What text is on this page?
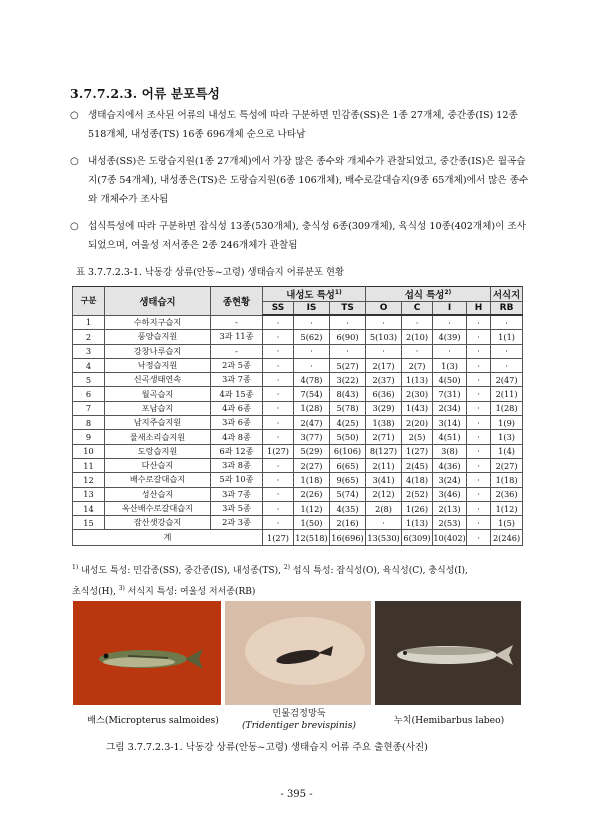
3.7.7.2.3. 어류 분포특성
○ 생태습지에서 조사된 어류의 내성도 특성에 따라 구분하면 민감종(SS)은 1종 27개체, 중간종(IS) 12종 518개체, 내성종(TS) 16종 696개체 순으로 나타남
○ 내성종(SS)은 도랑습지원(1종 27개체)에서 가장 많은 종수와 개체수가 관찰되었고, 중간종(IS)은 월곡습지(7종 54개체), 내성종은(TS)은 도랑습지원(6종 106개체), 배수로갈대습지(9종 65개체)에서 많은 종수와 개체수가 조사됨
○ 섭식특성에 따라 구분하면 잡식성 13종(530개체), 충식성 6종(309개체), 육식성 10종(402개체)이 조사되었으며, 여울성 저서종은 2종 246개체가 관찰됨
표 3.7.7.2.3-1. 낙동강 상류(안동~고령) 생태습지 어류분포 현황
구분	생태습지	종현황	내성도 특성$^{1)}$			섭식 특성$^{2)}$				서식지
			SS	IS	TS	O	C	I	H	RB
1	수하지구습지	-	·	·	·	·	·	·	·	·
2	풍양습지원	3과 11종	·	5(62)	6(90)	5(103)	2(10)	4(39)	·	1(1)
3	강창나루습지	-	·	·	·	·	·	·	·	·
4	낙정습지원	2과 5종	·	·	5(27)	2(17)	2(7)	1(3)	·	·
5	신곡생태연속	3과 7종	·	4(78)	3(22)	2(37)	1(13)	4(50)	·	2(47)
6	월곡습지	4과 15종	·	7(54)	8(43)	6(36)	2(30)	7(31)	·	2(11)
7	포남습지	4과 6종	·	1(28)	5(78)	3(29)	1(43)	2(34)	·	1(28)
8	남지주습지원	3과 6종	·	2(47)	4(25)	1(38)	2(20)	3(14)	·	1(9)
9	물새소리습지원	4과 8종	·	3(77)	5(50)	2(71)	2(5)	4(51)	·	1(3)
10	도랑습지원	6과 12종	1(27)	5(29)	6(106)	8(127)	1(27)	3(8)	·	1(4)
11	다산습지	3과 8종	·	2(27)	6(65)	2(11)	2(45)	4(36)	·	2(27)
12	배수로갈대습지	5과 10종	·	1(18)	9(65)	3(41)	4(18)	3(24)	·	1(18)
13	성산습지	3과 7종	·	2(26)	5(74)	2(12)	2(52)	3(46)	·	2(36)
14	옥산배수로갈대습지	3과 5종	·	1(12)	4(35)	2(8)	1(26)	2(13)	·	1(12)
15	잠산샛강습지	2과 3종	·	1(50)	2(16)	·	1(13)	2(53)	·	1(5)
계			1(27)	12(518)	16(696)	13(530)	6(309)	10(402)	·	2(246)
$^{1)}$ 내성도 특성: 민감종(SS), 중간종(IS), 내성종(TS), $^{2)}$ 섭식 특성: 잡식성(O), 육식성(C), 충식성(I),
초식성(H), $^{3)}$ 서식지 특성: 여울성 저서종(RB)
배스(Micropterus salmoides)
민물검정망둑
(Tridentiger brevispinis)	누치(Hemibarbus labeo)
그림 3.7.7.2.3-1. 낙동강 상류(안동~고령) 생태습지 어류 주요 출현종(사진)
- 395 -
